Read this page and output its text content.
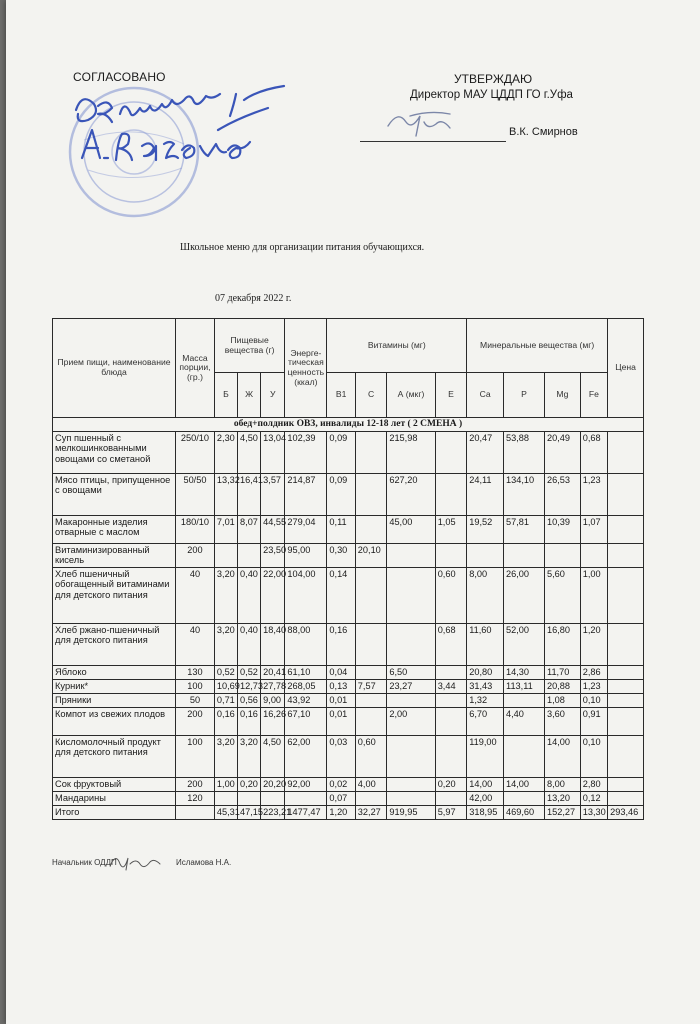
СОГЛАСОВАНО	УТВЕРЖДАЮ
Директор МАУ ЦДДП ГО г.Уфа
В.К. Смирнов
Школьное меню для организации питания обучающихся.
07 декабря 2022 г.
Прием пищи, наименование блюда	Масса порции, (гр.)	Пищевые вещества (г)			Энерге-тическая ценность (ккал)	Витамины (мг)				Минеральные вещества (мг)				Цена
		Б	Ж	У		В1	С	А (мкг)	Е	Ca	P	Mg	Fe	
обед+полдник ОВЗ, инвалиды 12-18 лет ( 2 СМЕНА )														
Суп пшенный с мелкошинкованными овощами со сметаной	250/10	2,30	4,50	13,04	102,39	0,09		215,98		20,47	53,88	20,49	0,68	
Мясо птицы, припущенное с овощами	50/50	13,32	16,41	3,57	214,87	0,09		627,20		24,11	134,10	26,53	1,23	
Макаронные изделия отварные с маслом	180/10	7,01	8,07	44,55	279,04	0,11		45,00	1,05	19,52	57,81	10,39	1,07	
Витаминизированный кисель	200			23,50	95,00	0,30	20,10							
Хлеб пшеничный обогащенный витаминами для детского питания	40	3,20	0,40	22,00	104,00	0,14			0,60	8,00	26,00	5,60	1,00	
Хлеб ржано-пшеничный для детского питания	40	3,20	0,40	18,40	88,00	0,16			0,68	11,60	52,00	16,80	1,20	
Яблоко	130	0,52	0,52	20,41	61,10	0,04		6,50		20,80	14,30	11,70	2,86	
Курник*	100	10,69	12,73	27,78	268,05	0,13	7,57	23,27	3,44	31,43	113,11	20,88	1,23	
Пряники	50	0,71	0,56	9,00	43,92	0,01				1,32		1,08	0,10	
Компот из свежих плодов	200	0,16	0,16	16,26	67,10	0,01		2,00		6,70	4,40	3,60	0,91	
Кисломолочный продукт для детского питания	100	3,20	3,20	4,50	62,00	0,03	0,60			119,00		14,00	0,10	
Сок фруктовый	200	1,00	0,20	20,20	92,00	0,02	4,00		0,20	14,00	14,00	8,00	2,80	
Мандарины	120					0,07				42,00		13,20	0,12	
Итого		45,31	47,15	223,21	1477,47	1,20	32,27	919,95	5,97	318,95	469,60	152,27	13,30	293,46
Начальник ОДДП	Исламова Н.А.
